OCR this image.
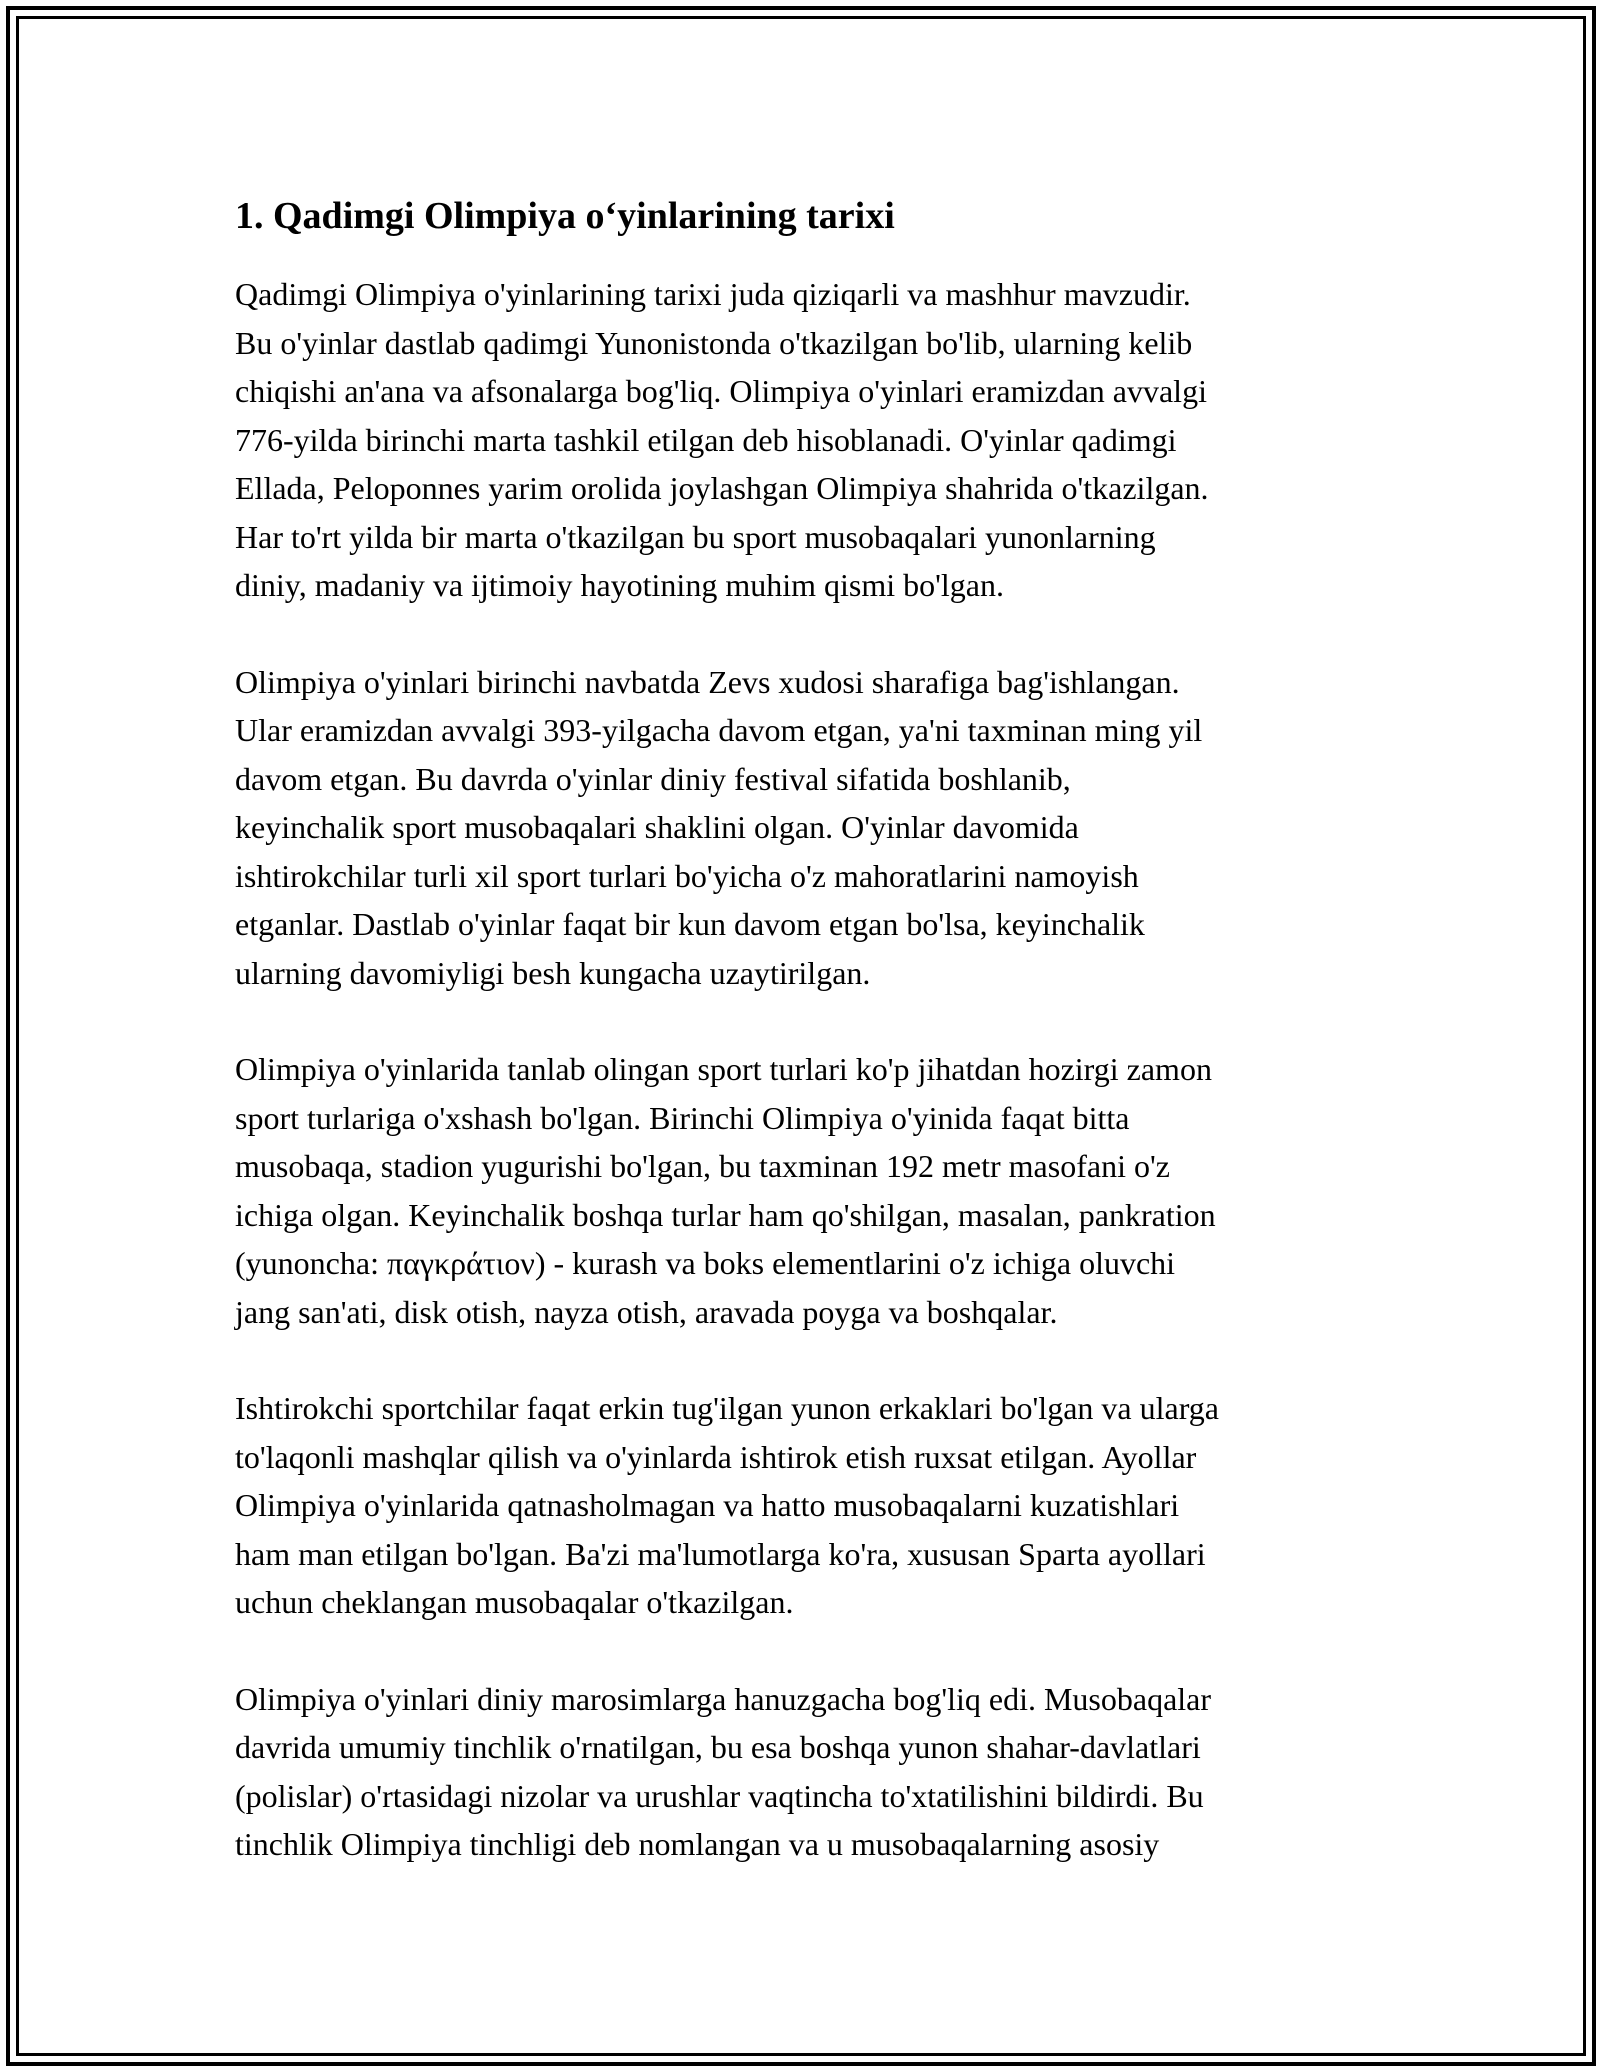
1. Qadimgi Olimpiya o‘yinlarining tarixi

Qadimgi Olimpiya o'yinlarining tarixi juda qiziqarli va mashhur mavzudir.
Bu o'yinlar dastlab qadimgi Yunonistonda o'tkazilgan bo'lib, ularning kelib
chiqishi an'ana va afsonalarga bog'liq. Olimpiya o'yinlari eramizdan avvalgi
776-yilda birinchi marta tashkil etilgan deb hisoblanadi. O'yinlar qadimgi
Ellada, Peloponnes yarim orolida joylashgan Olimpiya shahrida o'tkazilgan.
Har to'rt yilda bir marta o'tkazilgan bu sport musobaqalari yunonlarning
diniy, madaniy va ijtimoiy hayotining muhim qismi bo'lgan.

Olimpiya o'yinlari birinchi navbatda Zevs xudosi sharafiga bag'ishlangan.
Ular eramizdan avvalgi 393-yilgacha davom etgan, ya'ni taxminan ming yil
davom etgan. Bu davrda o'yinlar diniy festival sifatida boshlanib,
keyinchalik sport musobaqalari shaklini olgan. O'yinlar davomida
ishtirokchilar turli xil sport turlari bo'yicha o'z mahoratlarini namoyish
etganlar. Dastlab o'yinlar faqat bir kun davom etgan bo'lsa, keyinchalik
ularning davomiyligi besh kungacha uzaytirilgan.

Olimpiya o'yinlarida tanlab olingan sport turlari ko'p jihatdan hozirgi zamon
sport turlariga o'xshash bo'lgan. Birinchi Olimpiya o'yinida faqat bitta
musobaqa, stadion yugurishi bo'lgan, bu taxminan 192 metr masofani o'z
ichiga olgan. Keyinchalik boshqa turlar ham qo'shilgan, masalan, pankration
(yunoncha: παγκράτιον) - kurash va boks elementlarini o'z ichiga oluvchi
jang san'ati, disk otish, nayza otish, aravada poyga va boshqalar.

Ishtirokchi sportchilar faqat erkin tug'ilgan yunon erkaklari bo'lgan va ularga
to'laqonli mashqlar qilish va o'yinlarda ishtirok etish ruxsat etilgan. Ayollar
Olimpiya o'yinlarida qatnasholmagan va hatto musobaqalarni kuzatishlari
ham man etilgan bo'lgan. Ba'zi ma'lumotlarga ko'ra, xususan Sparta ayollari
uchun cheklangan musobaqalar o'tkazilgan.

Olimpiya o'yinlari diniy marosimlarga hanuzgacha bog'liq edi. Musobaqalar
davrida umumiy tinchlik o'rnatilgan, bu esa boshqa yunon shahar-davlatlari
(polislar) o'rtasidagi nizolar va urushlar vaqtincha to'xtatilishini bildirdi. Bu
tinchlik Olimpiya tinchligi deb nomlangan va u musobaqalarning asosiy
